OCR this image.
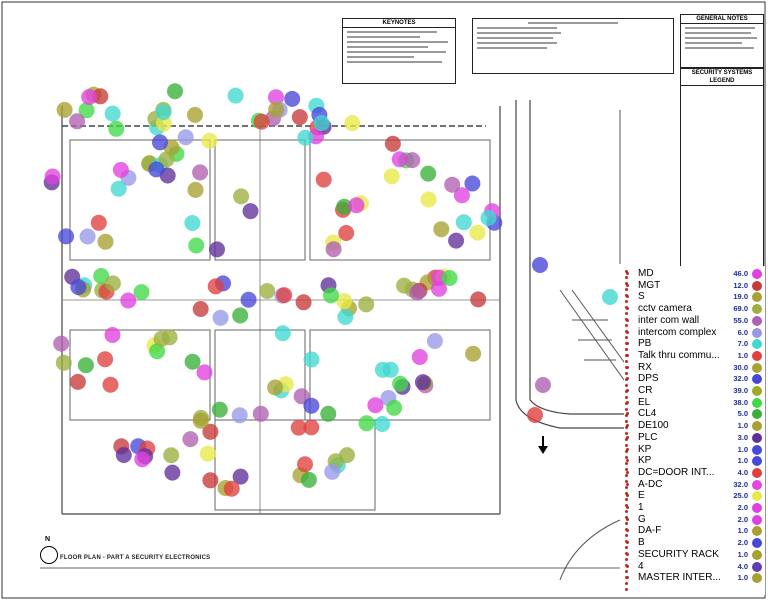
KEYNOTES
GENERAL NOTES
SECURITY SYSTEMS
LEGEND
N
FLOOR PLAN - PART A SECURITY ELECTRONICS
MD	46.0
MGT	12.0
S	19.0
cctv camera	69.0
inter com wall	55.0
intercom complex	6.0
PB	7.0
Talk thru commu...	1.0
RX	30.0
DPS	32.0
CR	39.0
EL	38.0
CL4	5.0
DE100	1.0
PLC	3.0
KP	1.0
KP	1.0
DC=DOOR INT...	4.0
A-DC	32.0
E	25.0
1	2.0
G	2.0
DA-F	1.0
B	2.0
SECURITY RACK	1.0
4	4.0
MASTER INTER...	1.0
